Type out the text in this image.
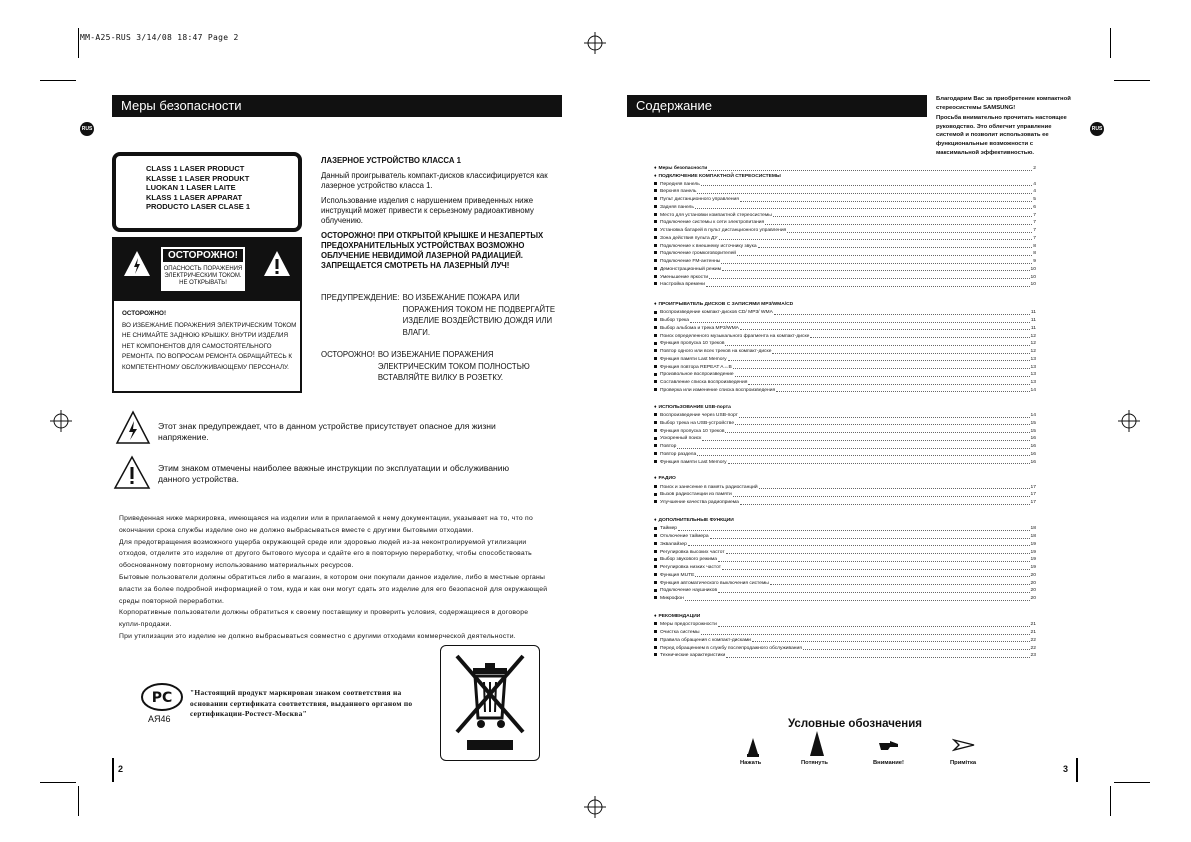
MM-A25-RUS 3/14/08 18:47 Page 2
Меры безопасности
RUS
CLASS 1 LASER PRODUCT
KLASSE 1 LASER PRODUKT
LUOKAN 1 LASER LAITE
KLASS 1 LASER APPARAT
PRODUCTO LASER CLASE 1
ОСТОРОЖНО!
ОПАСНОСТЬ ПОРАЖЕНИЯ ЭЛЕКТРИЧЕСКИМ ТОКОМ. НЕ ОТКРЫВАТЬ!
ОСТОРОЖНО!
ВО ИЗБЕЖАНИЕ ПОРАЖЕНИЯ ЭЛЕКТРИЧЕСКИМ ТОКОМ НЕ СНИМАЙТЕ ЗАДНЮЮ КРЫШКУ. ВНУТРИ ИЗДЕЛИЯ НЕТ КОМПОНЕНТОВ ДЛЯ САМОСТОЯТЕЛЬНОГО РЕМОНТА. ПО ВОПРОСАМ РЕМОНТА ОБРАЩАЙТЕСЬ К КОМПЕТЕНТНОМУ ОБСЛУЖИВАЮЩЕМУ ПЕРСОНАЛУ.
ЛАЗЕРНОЕ УСТРОЙСТВО КЛАССА 1
Данный проигрыватель компакт-дисков классифицируется как лазерное устройство класса 1.
Использование изделия с нарушением приведенных ниже инструкций может привести к серьезному радиоактивному облучению.
ОСТОРОЖНО! ПРИ ОТКРЫТОЙ КРЫШКЕ И НЕЗАПЕРТЫХ ПРЕДОХРАНИТЕЛЬНЫХ УСТРОЙСТВАХ ВОЗМОЖНО ОБЛУЧЕНИЕ НЕВИДИМОЙ ЛАЗЕРНОЙ РАДИАЦИЕЙ. ЗАПРЕЩАЕТСЯ СМОТРЕТЬ НА ЛАЗЕРНЫЙ ЛУЧ!
ПРЕДУПРЕЖДЕНИЕ: ВО ИЗБЕЖАНИЕ ПОЖАРА ИЛИ ПОРАЖЕНИЯ ТОКОМ НЕ ПОДВЕРГАЙТЕ ИЗДЕЛИЕ ВОЗДЕЙСТВИЮ ДОЖДЯ ИЛИ ВЛАГИ.
ОСТОРОЖНО! ВО ИЗБЕЖАНИЕ ПОРАЖЕНИЯ ЭЛЕКТРИЧЕСКИМ ТОКОМ ПОЛНОСТЬЮ ВСТАВЛЯЙТЕ ВИЛКУ В РОЗЕТКУ.
Этот знак предупреждает, что в данном устройстве присутствует опасное для жизни напряжение.
Этим знаком отмечены наиболее важные инструкции по эксплуатации и обслуживанию данного устройства.
Приведенная ниже маркировка, имеющаяся на изделии или в прилагаемой к нему документации, указывает на то, что по окончании срока службы изделие оно не должно выбрасываться вместе с другими бытовыми отходами.
Для предотвращения возможного ущерба окружающей среде или здоровью людей из-за неконтролируемой утилизации отходов, отделите это изделие от другого бытового мусора и сдайте его в повторную переработку, чтобы способствовать обоснованному повторному использованию материальных ресурсов.
Бытовые пользователи должны обратиться либо в магазин, в котором они покупали данное изделие, либо в местные органы власти за более подробной информацией о том, куда и как они могут сдать это изделие для его безопасной для окружающей среды повторной переработки.
Корпоративные пользователи должны обратиться к своему поставщику и проверить условия, содержащиеся в договоре купли-продажи.
При утилизации это изделие не должно выбрасываться совместно с другими отходами коммерческой деятельности.
PC
АЯ46
"Настоящий продукт маркирован знаком соответствия на основании сертификата соответствия, выданного органом по сертификации-Ростест-Москва"
2
Содержание	Благодарим Вас за приобретение компактной стереосистемы SAMSUNG!
Просьба внимательно прочитать настоящее руководство. Это облегчит управление системой и позволит использовать ее функциональные возможности с максимальной эффективностью.
RUS
♦ Меры безопасности	2
♦ ПОДКЛЮЧЕНИЕ КОМПАКТНОЙ СТЕРЕОСИСТЕМЫ
Передняя панель	4
Верхняя панель	4
Пульт дистанционного управления	5
Задняя панель	6
Место для установки компактной стереосистемы	7
Подключение системы к сети электропитания	7
Установка батарей в пульт дистанционного управления	7
Зона действия пульта ДУ	7
Подключение к внешнему источнику звука	8
Подключение громкоговорителей	8
Подключение FM-антенны	9
Демонстрационный режим	10
Уменьшение яркости	10
Настройка времени	10
♦ ПРОИГРЫВАТЕЛЬ ДИСКОВ С ЗАПИСЯМИ MP3/WMA/CD
Воспроизведение компакт-дисков CD/ MP3/ WMA	11
Выбор трека	11
Выбор альбома и трека MP3/WMA	11
Поиск определенного музыкального фрагмента на компакт-диске	12
Функция пропуска 10 треков	12
Повтор одного или всех треков на компакт-диске	12
Функция памяти Last Memory	13
Функция повтора REPEAT A↔B	13
Произвольное воспроизведение	13
Составление списка воспроизведения	13
Проверка или изменение списка воспроизведения	14
♦ ИСПОЛЬЗОВАНИЕ USB-порта
Воспроизведение через USB-порт	14
Выбор трека на USB-устройстве	15
Функция пропуска 10 треков	15
Ускоренный поиск	16
Повтор	16
Повтор раздела	16
Функция памяти Last Memory	16
♦ РАДИО
Поиск и занесение в память радиостанций	17
Вызов радиостанции из памяти	17
Улучшение качества радиоприема	17
♦ ДОПОЛНИТЕЛЬНЫЕ ФУНКЦИИ
Таймер	18
Отключение таймера	18
Эквалайзер	19
Регулировка высоких частот	19
Выбор звукового режима	19
Регулировка низких частот	19
Функция MUTE	20
Функция автоматического выключения системы	20
Подключение наушников	20
Микрофон	20
♦ РЕКОМЕНДАЦИИ
Меры предосторожности	21
Очистка системы	21
Правила обращения с компакт-дисками	22
Перед обращением в службу послепродажного обслуживания	22
Технические характеристики	23
Условные обозначения
Нажать	Потянуть	Внимание!	Примiтка
3
